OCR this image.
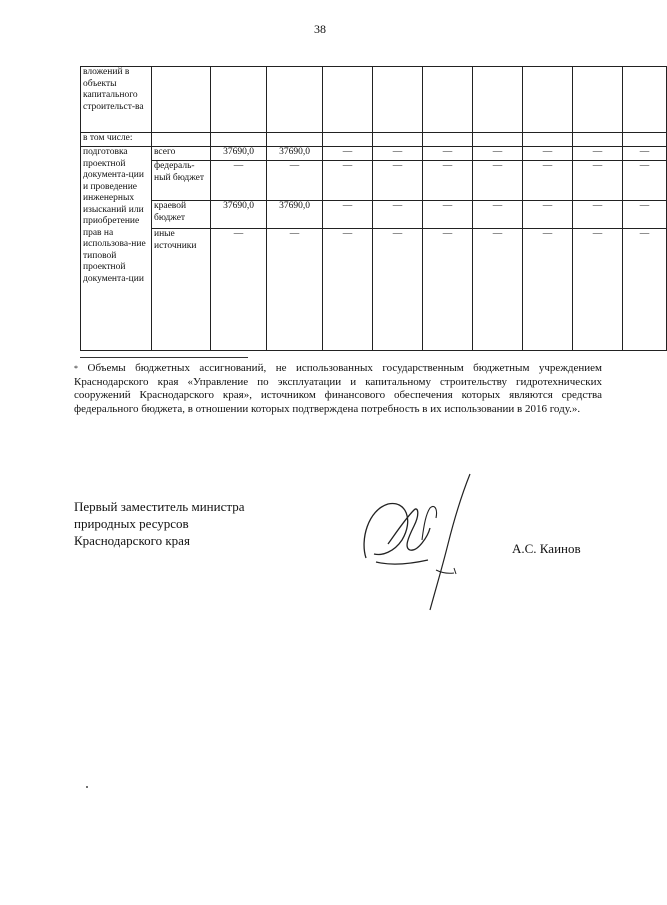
38
вложений в объекты капитального строительст-ва										
в том числе:										
подготовка проектной документа-ции и проведение инженерных изысканий или приобретение прав на использова-ние типовой проектной документа-ции	всего	37690,0	37690,0	—	—	—	—	—	—	—
	федераль-ный бюджет	—	—	—	—	—	—	—	—	—
	краевой бюджет	37690,0	37690,0	—	—	—	—	—	—	—
	иные источники	—	—	—	—	—	—	—	—	—
* Объемы бюджетных ассигнований, не использованных государственным бюджетным учреждением Краснодарского края «Управление по эксплуатации и капитальному строительству гидротехнических сооружений Краснодарского края», источником финансового обеспечения которых являются средства федерального бюджета, в отношении которых подтверждена потребность в их использовании в 2016 году.».
Первый заместитель министра
природных ресурсов
Краснодарского края
А.С. Каинов
